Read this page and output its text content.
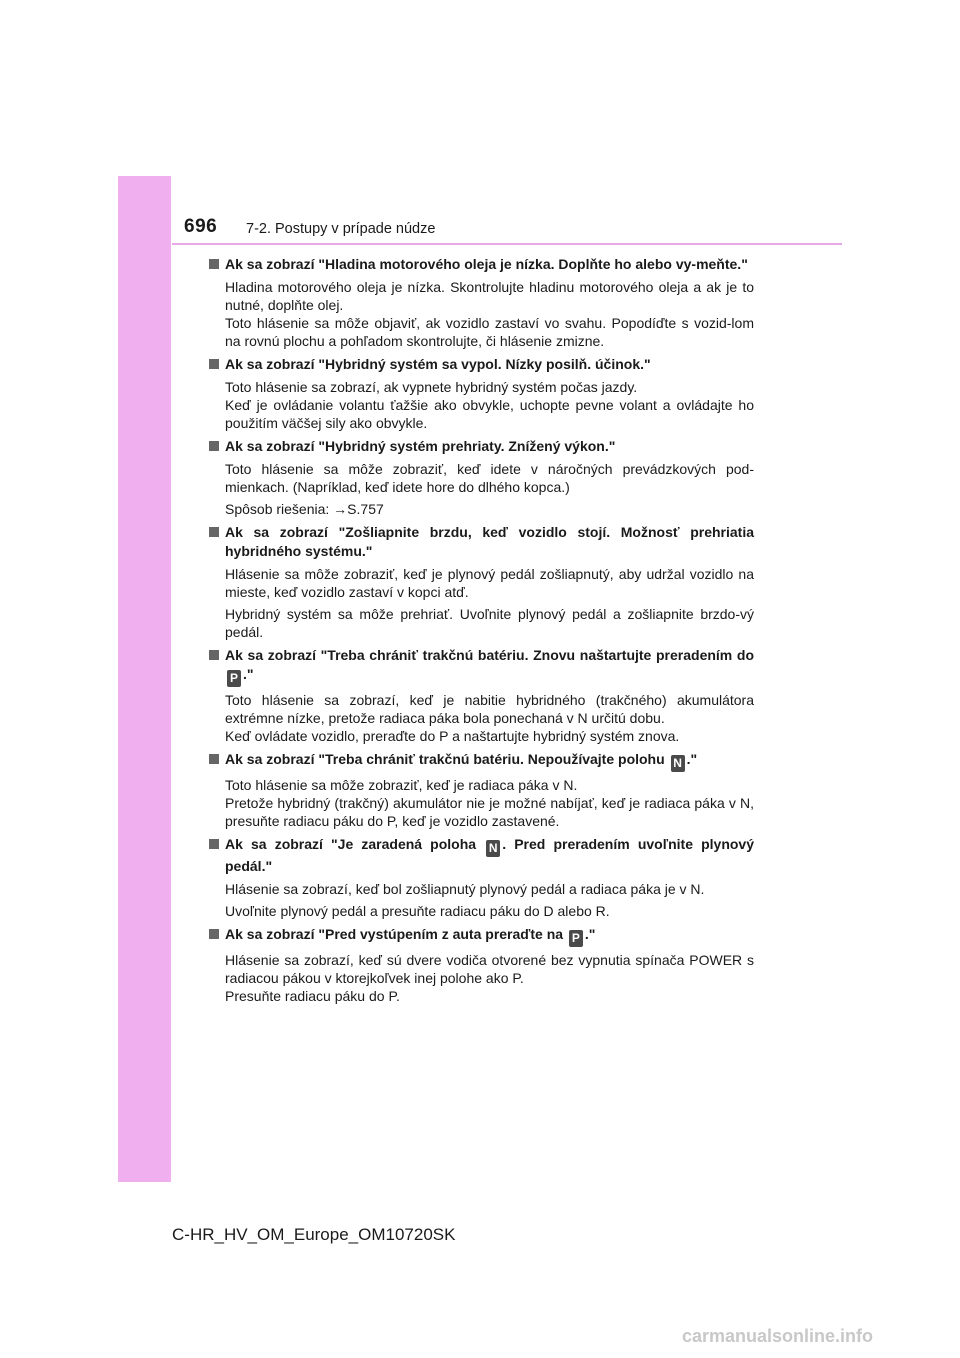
696 7-2. Postupy v prípade núdze
Ak sa zobrazí "Hladina motorového oleja je nízka. Doplňte ho alebo vy-meňte."
Hladina motorového oleja je nízka. Skontrolujte hladinu motorového oleja a ak je to nutné, doplňte olej.
Toto hlásenie sa môže objaviť, ak vozidlo zastaví vo svahu. Popodíďte s vozid-lom na rovnú plochu a pohľadom skontrolujte, či hlásenie zmizne.
Ak sa zobrazí "Hybridný systém sa vypol. Nízky posilň. účinok."
Toto hlásenie sa zobrazí, ak vypnete hybridný systém počas jazdy.
Keď je ovládanie volantu ťažšie ako obvykle, uchopte pevne volant a ovládajte ho použitím väčšej sily ako obvykle.
Ak sa zobrazí "Hybridný systém prehriaty. Znížený výkon."
Toto hlásenie sa môže zobraziť, keď idete v náročných prevádzkových pod-mienkach. (Napríklad, keď idete hore do dlhého kopca.)
Spôsob riešenia: →S.757
Ak sa zobrazí "Zošliapnite brzdu, keď vozidlo stojí. Možnosť prehriatia hybridného systému."
Hlásenie sa môže zobraziť, keď je plynový pedál zošliapnutý, aby udržal vozidlo na mieste, keď vozidlo zastaví v kopci atď.
Hybridný systém sa môže prehriať. Uvoľnite plynový pedál a zošliapnite brzdo-vý pedál.
Ak sa zobrazí "Treba chrániť trakčnú batériu. Znovu naštartujte preradením do P ."
Toto hlásenie sa zobrazí, keď je nabitie hybridného (trakčného) akumulátora extrémne nízke, pretože radiaca páka bola ponechaná v N určitú dobu.
Keď ovládate vozidlo, preraďte do P a naštartujte hybridný systém znova.
Ak sa zobrazí "Treba chrániť trakčnú batériu. Nepoužívajte polohu N ."
Toto hlásenie sa môže zobraziť, keď je radiaca páka v N.
Pretože hybridný (trakčný) akumulátor nie je možné nabíjať, keď je radiaca páka v N, presuňte radiacu páku do P, keď je vozidlo zastavené.
Ak sa zobrazí "Je zaradená poloha N . Pred preradením uvoľnite plynový pedál."
Hlásenie sa zobrazí, keď bol zošliapnutý plynový pedál a radiaca páka je v N.
Uvoľnite plynový pedál a presuňte radiacu páku do D alebo R.
Ak sa zobrazí "Pred vystúpením z auta preraďte na P ."
Hlásenie sa zobrazí, keď sú dvere vodiča otvorené bez vypnutia spínača POWER s radiacou pákou v ktorejkoľvek inej polohe ako P.
Presuňte radiacu páku do P.
C-HR_HV_OM_Europe_OM10720SK
carmanualsonline.info
